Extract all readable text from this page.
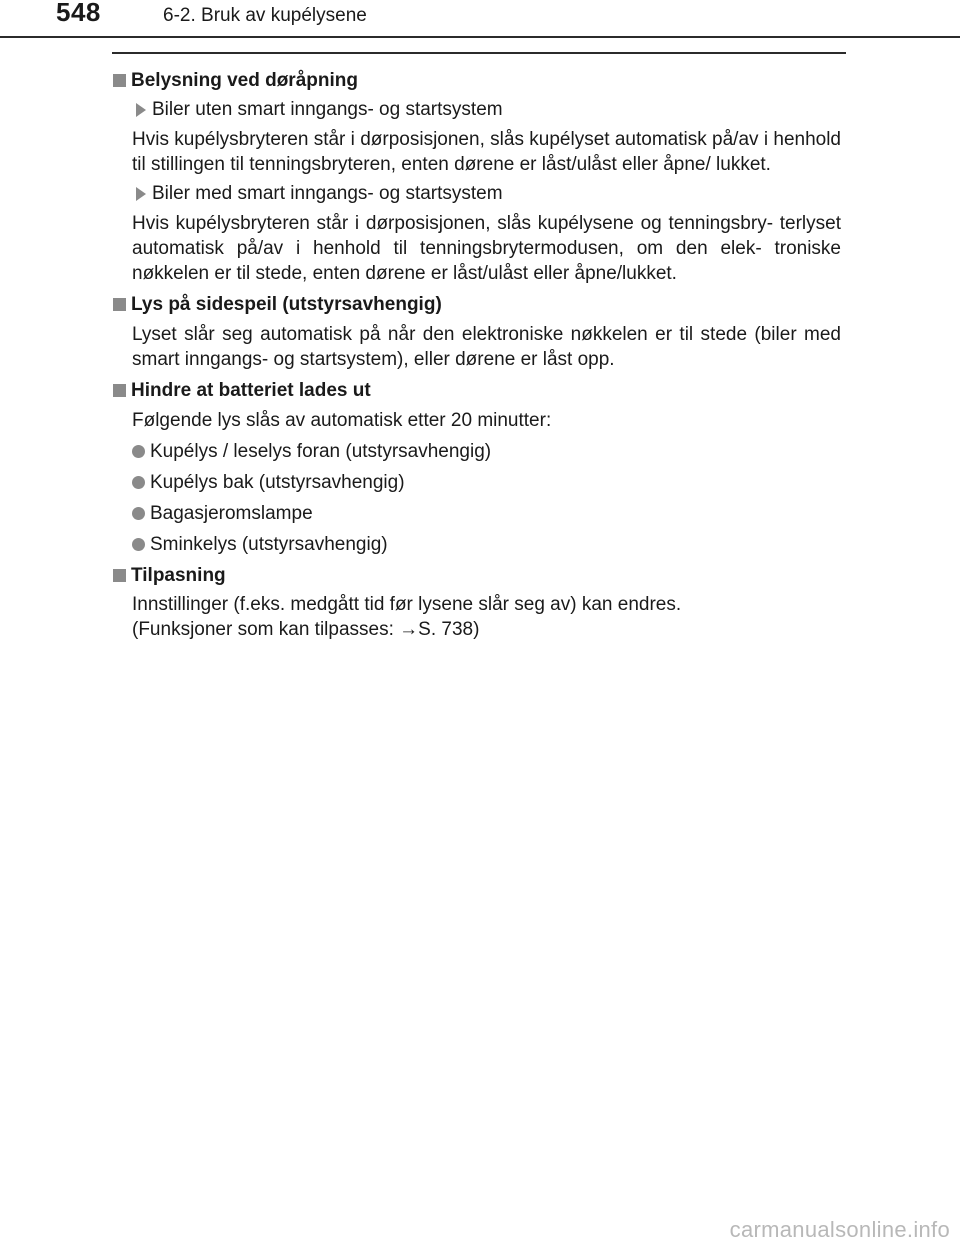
548	6-2. Bruk av kupélysene
Belysning ved døråpning
Biler uten smart inngangs- og startsystem
Hvis kupélysbryteren står i dørposisjonen, slås kupélyset automatisk på/av i henhold til stillingen til tenningsbryteren, enten dørene er låst/ulåst eller åpne/ lukket.
Biler med smart inngangs- og startsystem
Hvis kupélysbryteren står i dørposisjonen, slås kupélysene og tenningsbry- terlyset automatisk på/av i henhold til tenningsbrytermodusen, om den elek- troniske nøkkelen er til stede, enten dørene er låst/ulåst eller åpne/lukket.
Lys på sidespeil (utstyrsavhengig)
Lyset slår seg automatisk på når den elektroniske nøkkelen er til stede (biler med smart inngangs- og startsystem), eller dørene er låst opp.
Hindre at batteriet lades ut
Følgende lys slås av automatisk etter 20 minutter:
Kupélys / leselys foran (utstyrsavhengig)
Kupélys bak (utstyrsavhengig)
Bagasjeromslampe
Sminkelys (utstyrsavhengig)
Tilpasning
Innstillinger (f.eks. medgått tid før lysene slår seg av) kan endres.
(Funksjoner som kan tilpasses: →S. 738)
carmanualsonline.info
